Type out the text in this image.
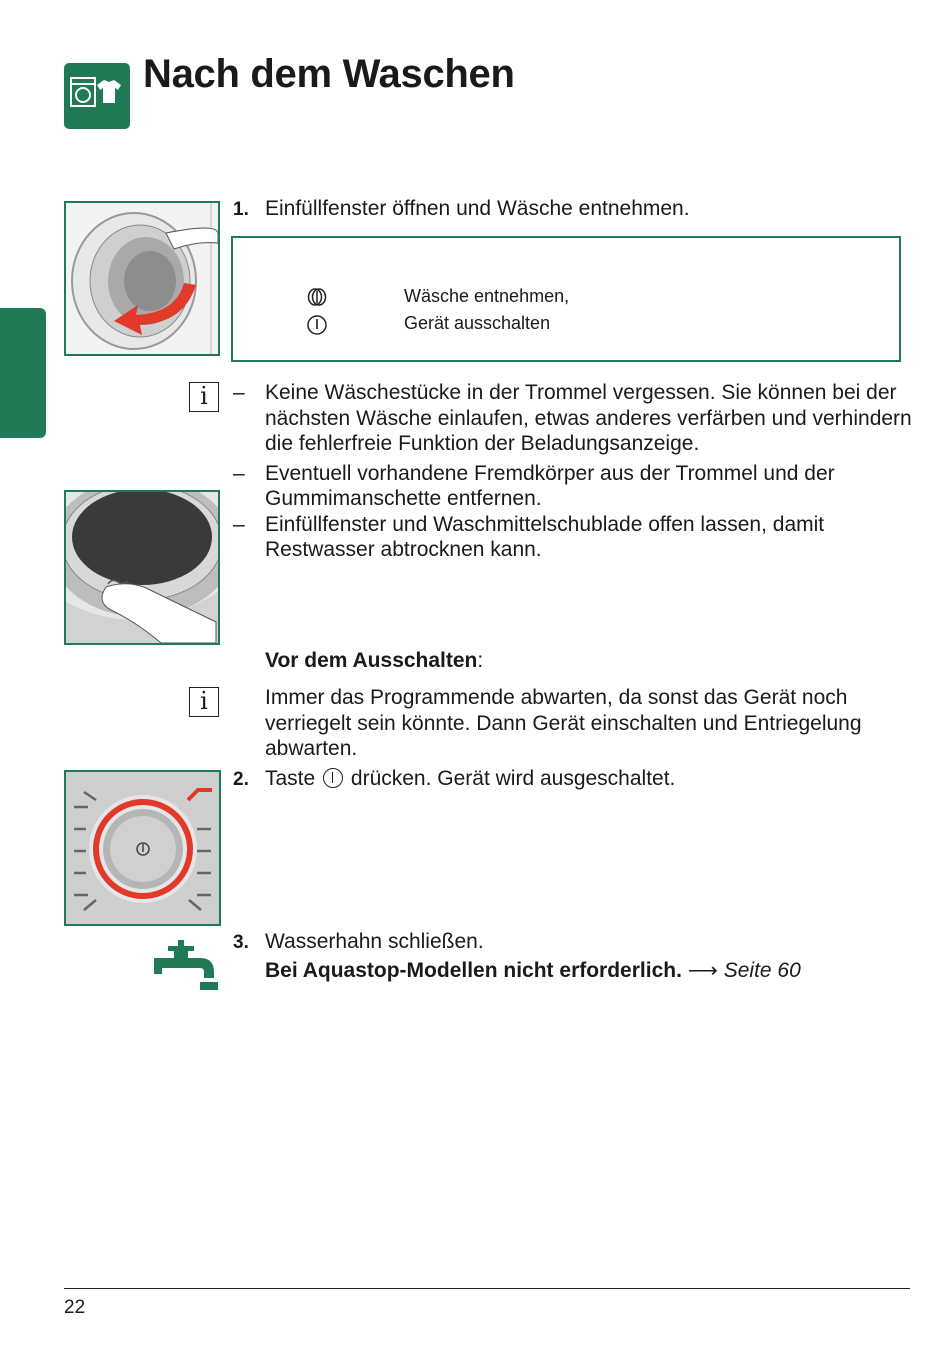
Nach dem Waschen
1. Einfüllfenster öffnen und Wäsche entnehmen.
Wäsche entnehmen,
Gerät ausschalten
i	– Keine Wäschestücke in der Trommel vergessen. Sie können bei der nächsten Wäsche einlaufen, etwas anderes verfärben und verhindern die fehlerfreie Funktion der Beladungsanzeige.
– Eventuell vorhandene Fremdkörper aus der Trommel und der Gummimanschette entfernen.
– Einfüllfenster und Waschmittelschublade offen lassen, damit Restwasser abtrocknen kann.
Vor dem Ausschalten:
i	Immer das Programmende abwarten, da sonst das Gerät noch verriegelt sein könnte. Dann Gerät einschalten und Entriegelung abwarten.
2. Taste drücken. Gerät wird ausgeschaltet.
3. Wasserhahn schließen.
Bei Aquastop-Modellen nicht erforderlich. ⟶ Seite 60
22
